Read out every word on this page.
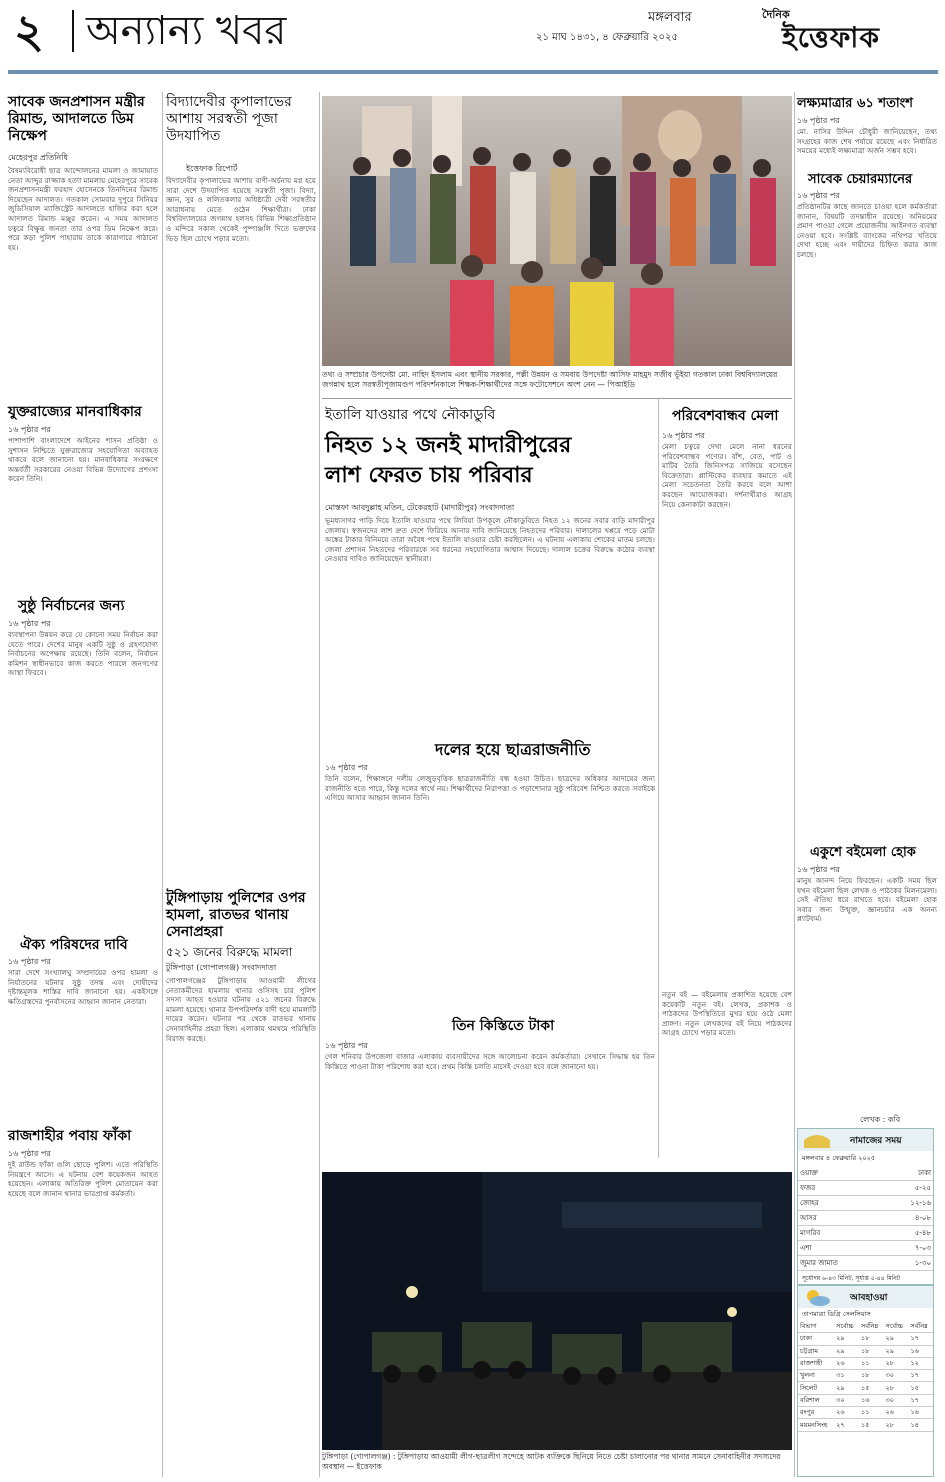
২ অন্যান্য খবর	মঙ্গলবার
২১ মাঘ ১৪৩১, ৪ ফেব্রুয়ারি ২০২৫
দৈনিক
ইত্তেফাক
সাবেক জনপ্রশাসন মন্ত্রীর রিমান্ড, আদালতে ডিম নিক্ষেপ
মেহেরপুর প্রতিনিধি
বৈষম্যবিরোধী ছাত্র আন্দোলনের মামলা ও জামায়াত নেতা আব্দুর রাজ্জাক হত্যা মামলায় মেহেরপুরে সাবেক জনপ্রশাসনমন্ত্রী ফরহাদ হোসেনকে তিনদিনের রিমান্ড দিয়েছেন আদালত। গতকাল সোমবার দুপুরে সিনিয়র জুডিসিয়াল ম্যাজিস্ট্রেট আদালতে হাজির করা হলে আদালত রিমান্ড মঞ্জুর করেন। এ সময় আদালত চত্বরে বিক্ষুব্ধ জনতা তার ওপর ডিম নিক্ষেপ করে। পরে কড়া পুলিশ পাহারায় তাকে কারাগারে পাঠানো হয়।
যুক্তরাজ্যের মানবাধিকার
১৬ পৃষ্ঠার পর
পাশাপাশি বাংলাদেশে আইনের শাসন প্রতিষ্ঠা ও সুশাসন নিশ্চিতে যুক্তরাজ্যের সহযোগিতা অব্যাহত থাকবে বলে জানানো হয়। মানবাধিকার সংরক্ষণে অন্তর্বর্তী সরকারের নেওয়া বিভিন্ন উদ্যোগের প্রশংসা করেন তিনি।
সুষ্ঠু নির্বাচনের জন্য
১৬ পৃষ্ঠার পর
ব্যবস্থাপনা উন্নয়ন করে যে কোনো সময় নির্বাচন করা যেতে পারে। দেশের মানুষ একটি সুষ্ঠু ও গ্রহণযোগ্য নির্বাচনের অপেক্ষায় রয়েছে। তিনি বলেন, নির্বাচন কমিশন স্বাধীনভাবে কাজ করতে পারলে জনগণের আস্থা ফিরবে।
ঐক্য পরিষদের দাবি
১৬ পৃষ্ঠার পর
সারা দেশে সংখ্যালঘু সম্প্রদায়ের ওপর হামলা ও নির্যাতনের ঘটনার সুষ্ঠু তদন্ত এবং দোষীদের দৃষ্টান্তমূলক শাস্তির দাবি জানানো হয়। একইসঙ্গে ক্ষতিগ্রস্তদের পুনর্বাসনের আহ্বান জানান নেতারা।
রাজশাহীর পবায় ফাঁকা
১৬ পৃষ্ঠার পর
দুই রাউন্ড ফাঁকা গুলি ছোড়ে পুলিশ। এতে পরিস্থিতি নিয়ন্ত্রণে আসে। এ ঘটনায় বেশ কয়েকজন আহত হয়েছেন। এলাকায় অতিরিক্ত পুলিশ মোতায়েন করা হয়েছে বলে জানান থানার ভারপ্রাপ্ত কর্মকর্তা।
বিদ্যাদেবীর কৃপালাভের আশায় সরস্বতী পূজা উদযাপিত
ইত্তেফাক রিপোর্ট
বিদ্যাদেবীর কৃপালাভের আশায় বাণী-অর্চনায় মগ্ন হয়ে সারা দেশে উদযাপিত হয়েছে সরস্বতী পূজা। বিদ্যা, জ্ঞান, সুর ও ললিতকলার অধিষ্ঠাত্রী দেবী সরস্বতীর আরাধনায় মেতে ওঠেন শিক্ষার্থীরা। ঢাকা বিশ্ববিদ্যালয়ের জগন্নাথ হলসহ বিভিন্ন শিক্ষাপ্রতিষ্ঠান ও মন্দিরে সকাল থেকেই পুষ্পাঞ্জলি দিতে ভক্তদের ভিড় ছিল চোখে পড়ার মতো।
টুঙ্গিপাড়ায় পুলিশের ওপর হামলা, রাতভর থানায় সেনাপ্রহরা
৫২১ জনের বিরুদ্ধে মামলা
টুঙ্গিপাড়া (গোপালগঞ্জ) সংবাদদাতা
গোপালগঞ্জের টুঙ্গিপাড়ায় আওয়ামী লীগের নেতাকর্মীদের হামলায় থানার ওসিসহ চার পুলিশ সদস্য আহত হওয়ার ঘটনায় ৫২১ জনের বিরুদ্ধে মামলা হয়েছে। থানার উপপরিদর্শক বাদী হয়ে মামলাটি দায়ের করেন। ঘটনার পর থেকে রাতভর থানায় সেনাবাহিনীর প্রহরা ছিল। এলাকায় থমথমে পরিস্থিতি বিরাজ করছে।
তথ্য ও সম্প্রচার উপদেষ্টা মো. নাহিদ ইসলাম এবং স্থানীয় সরকার, পল্লী উন্নয়ন ও সমবায় উপদেষ্টা আসিফ মাহমুদ সজীব ভূঁইয়া গতকাল ঢাকা বিশ্ববিদ্যালয়ের জগন্নাথ হলে সরস্বতীপূজামণ্ডপ পরিদর্শনকালে শিক্ষক-শিক্ষার্থীদের সঙ্গে ফটোসেশনে অংশ নেন — পিআইডি
ইতালি যাওয়ার পথে নৌকাডুবি
নিহত ১২ জনই মাদারীপুরের
লাশ ফেরত চায় পরিবার
মোস্তফা আবদুল্লাহ মতিন, টেকেরহাট (মাদারীপুর) সংবাদদাতা
ভূমধ্যসাগর পাড়ি দিয়ে ইতালি যাওয়ার পথে লিবিয়া উপকূলে নৌকাডুবিতে নিহত ১২ জনের সবার বাড়ি মাদারীপুর জেলায়। স্বজনদের লাশ দ্রুত দেশে ফিরিয়ে আনার দাবি জানিয়েছে নিহতদের পরিবার। দালালের খপ্পরে পড়ে মোটা অঙ্কের টাকার বিনিময়ে তারা অবৈধ পথে ইতালি যাওয়ার চেষ্টা করছিলেন। এ ঘটনায় এলাকায় শোকের মাতম চলছে। জেলা প্রশাসন নিহতদের পরিবারকে সব ধরনের সহযোগিতার আশ্বাস দিয়েছে। দালাল চক্রের বিরুদ্ধে কঠোর ব্যবস্থা নেওয়ার দাবিও জানিয়েছেন স্থানীয়রা।
দলের হয়ে ছাত্ররাজনীতি
১৬ পৃষ্ঠার পর
তিনি বলেন, শিক্ষাঙ্গনে দলীয় লেজুড়বৃত্তিক ছাত্ররাজনীতি বন্ধ হওয়া উচিত। ছাত্রদের অধিকার আদায়ের জন্য রাজনীতি হতে পারে, কিন্তু দলের স্বার্থে নয়। শিক্ষার্থীদের নিরাপত্তা ও পড়াশোনার সুষ্ঠু পরিবেশ নিশ্চিত করতে সবাইকে এগিয়ে আসার আহ্বান জানান তিনি।
তিন কিস্তিতে টাকা
১৬ পৃষ্ঠার পর
গেল শনিবার উপজেলা বাজার এলাকায় ব্যবসায়ীদের সঙ্গে আলোচনা করেন কর্মকর্তারা। সেখানে সিদ্ধান্ত হয় তিন কিস্তিতে পাওনা টাকা পরিশোধ করা হবে। প্রথম কিস্তি চলতি মাসেই দেওয়া হবে বলে জানানো হয়।
টুঙ্গিপাড়া (গোপালগঞ্জ) : টুঙ্গিপাড়ায় আওয়ামী লীগ-ছাত্রলীগ সন্দেহে আটক ব্যক্তিকে ছিনিয়ে নিতে চেষ্টা চালানোর পর থানার সামনে সেনাবাহিনীর সদস্যদের অবস্থান — ইত্তেফাক
পরিবেশবান্ধব মেলা
১৬ পৃষ্ঠার পর
মেলা চত্বরে দেখা মেলে নানা ধরনের পরিবেশবান্ধব পণ্যের। বাঁশ, বেত, পাট ও মাটির তৈরি জিনিসপত্র সাজিয়ে বসেছেন বিক্রেতারা। প্লাস্টিকের ব্যবহার কমাতে এই মেলা সচেতনতা তৈরি করবে বলে আশা করছেন আয়োজকরা। দর্শনার্থীরাও আগ্রহ নিয়ে কেনাকাটা করছেন।
নতুন বই — বইমেলায় প্রকাশিত হয়েছে বেশ কয়েকটি নতুন বই। লেখক, প্রকাশক ও পাঠকদের উপস্থিতিতে মুখর হয়ে ওঠে মেলা প্রাঙ্গণ। নতুন লেখকদের বই নিয়ে পাঠকদের আগ্রহ চোখে পড়ার মতো।
লক্ষ্যমাত্রার ৬১ শতাংশ
১৬ পৃষ্ঠার পর
মো. নাসির উদ্দিন চৌধুরী জানিয়েছেন, তথ্য সংগ্রহের কাজ শেষ পর্যায়ে রয়েছে এবং নির্ধারিত সময়ের মধ্যেই লক্ষ্যমাত্রা অর্জন সম্ভব হবে।
সাবেক চেয়ারম্যানের
১৬ পৃষ্ঠার পর
প্রতিষ্ঠানটির কাছে জানতে চাওয়া হলে কর্মকর্তারা জানান, বিষয়টি তদন্তাধীন রয়েছে। অনিয়মের প্রমাণ পাওয়া গেলে প্রয়োজনীয় আইনগত ব্যবস্থা নেওয়া হবে। সংশ্লিষ্ট ব্যাংকের নথিপত্র খতিয়ে দেখা হচ্ছে এবং দায়ীদের চিহ্নিত করার কাজ চলছে।
একুশে বইমেলা হোক
১৬ পৃষ্ঠার পর
মানুষ আনন্দ নিয়ে ফিরছেন। একটি সময় ছিল যখন বইমেলা ছিল লেখক ও পাঠকের মিলনমেলা। সেই ঐতিহ্য ধরে রাখতে হবে। বইমেলা হোক সবার জন্য উন্মুক্ত, জ্ঞানচর্চার এক অনন্য প্ল্যাটফর্ম।
লেখক : কবি
নামাজের সময়
মঙ্গলবার ৪ ফেব্রুয়ারি ২০২৫
ওয়াক্ত	ঢাকা
ফজর	৫-২৫
জোহর	১২-১৬
আসর	৪-০৮
মাগরিব	৫-৪৮
এশা	৭-০৩
জুমার জামাত	১-৩০
সূর্যোদয় ৬-৪৩ মিনিট, সূর্যাস্ত ৫-৪৪ মিনিট
আবহাওয়া
তাপমাত্রা ডিগ্রি সেলসিয়াস
বিভাগ	সর্বোচ্চ	সর্বনিম্ন	সর্বোচ্চ	সর্বনিম্ন
ঢাকা	২৯	১৮	২৯	১৭
চট্টগ্রাম	২৯	১৮	২৯	১৬
রাজশাহী	২৬	১১	২৮	১২
খুলনা	৩১	১৮	৩০	১৭
সিলেট	২৯	১৫	২৮	১৫
বরিশাল	৩০	১৬	৩০	১৭
রংপুর	২৬	১১	২৬	১৬
ময়মনসিংহ	২৭	১৫	২৮	১৪
